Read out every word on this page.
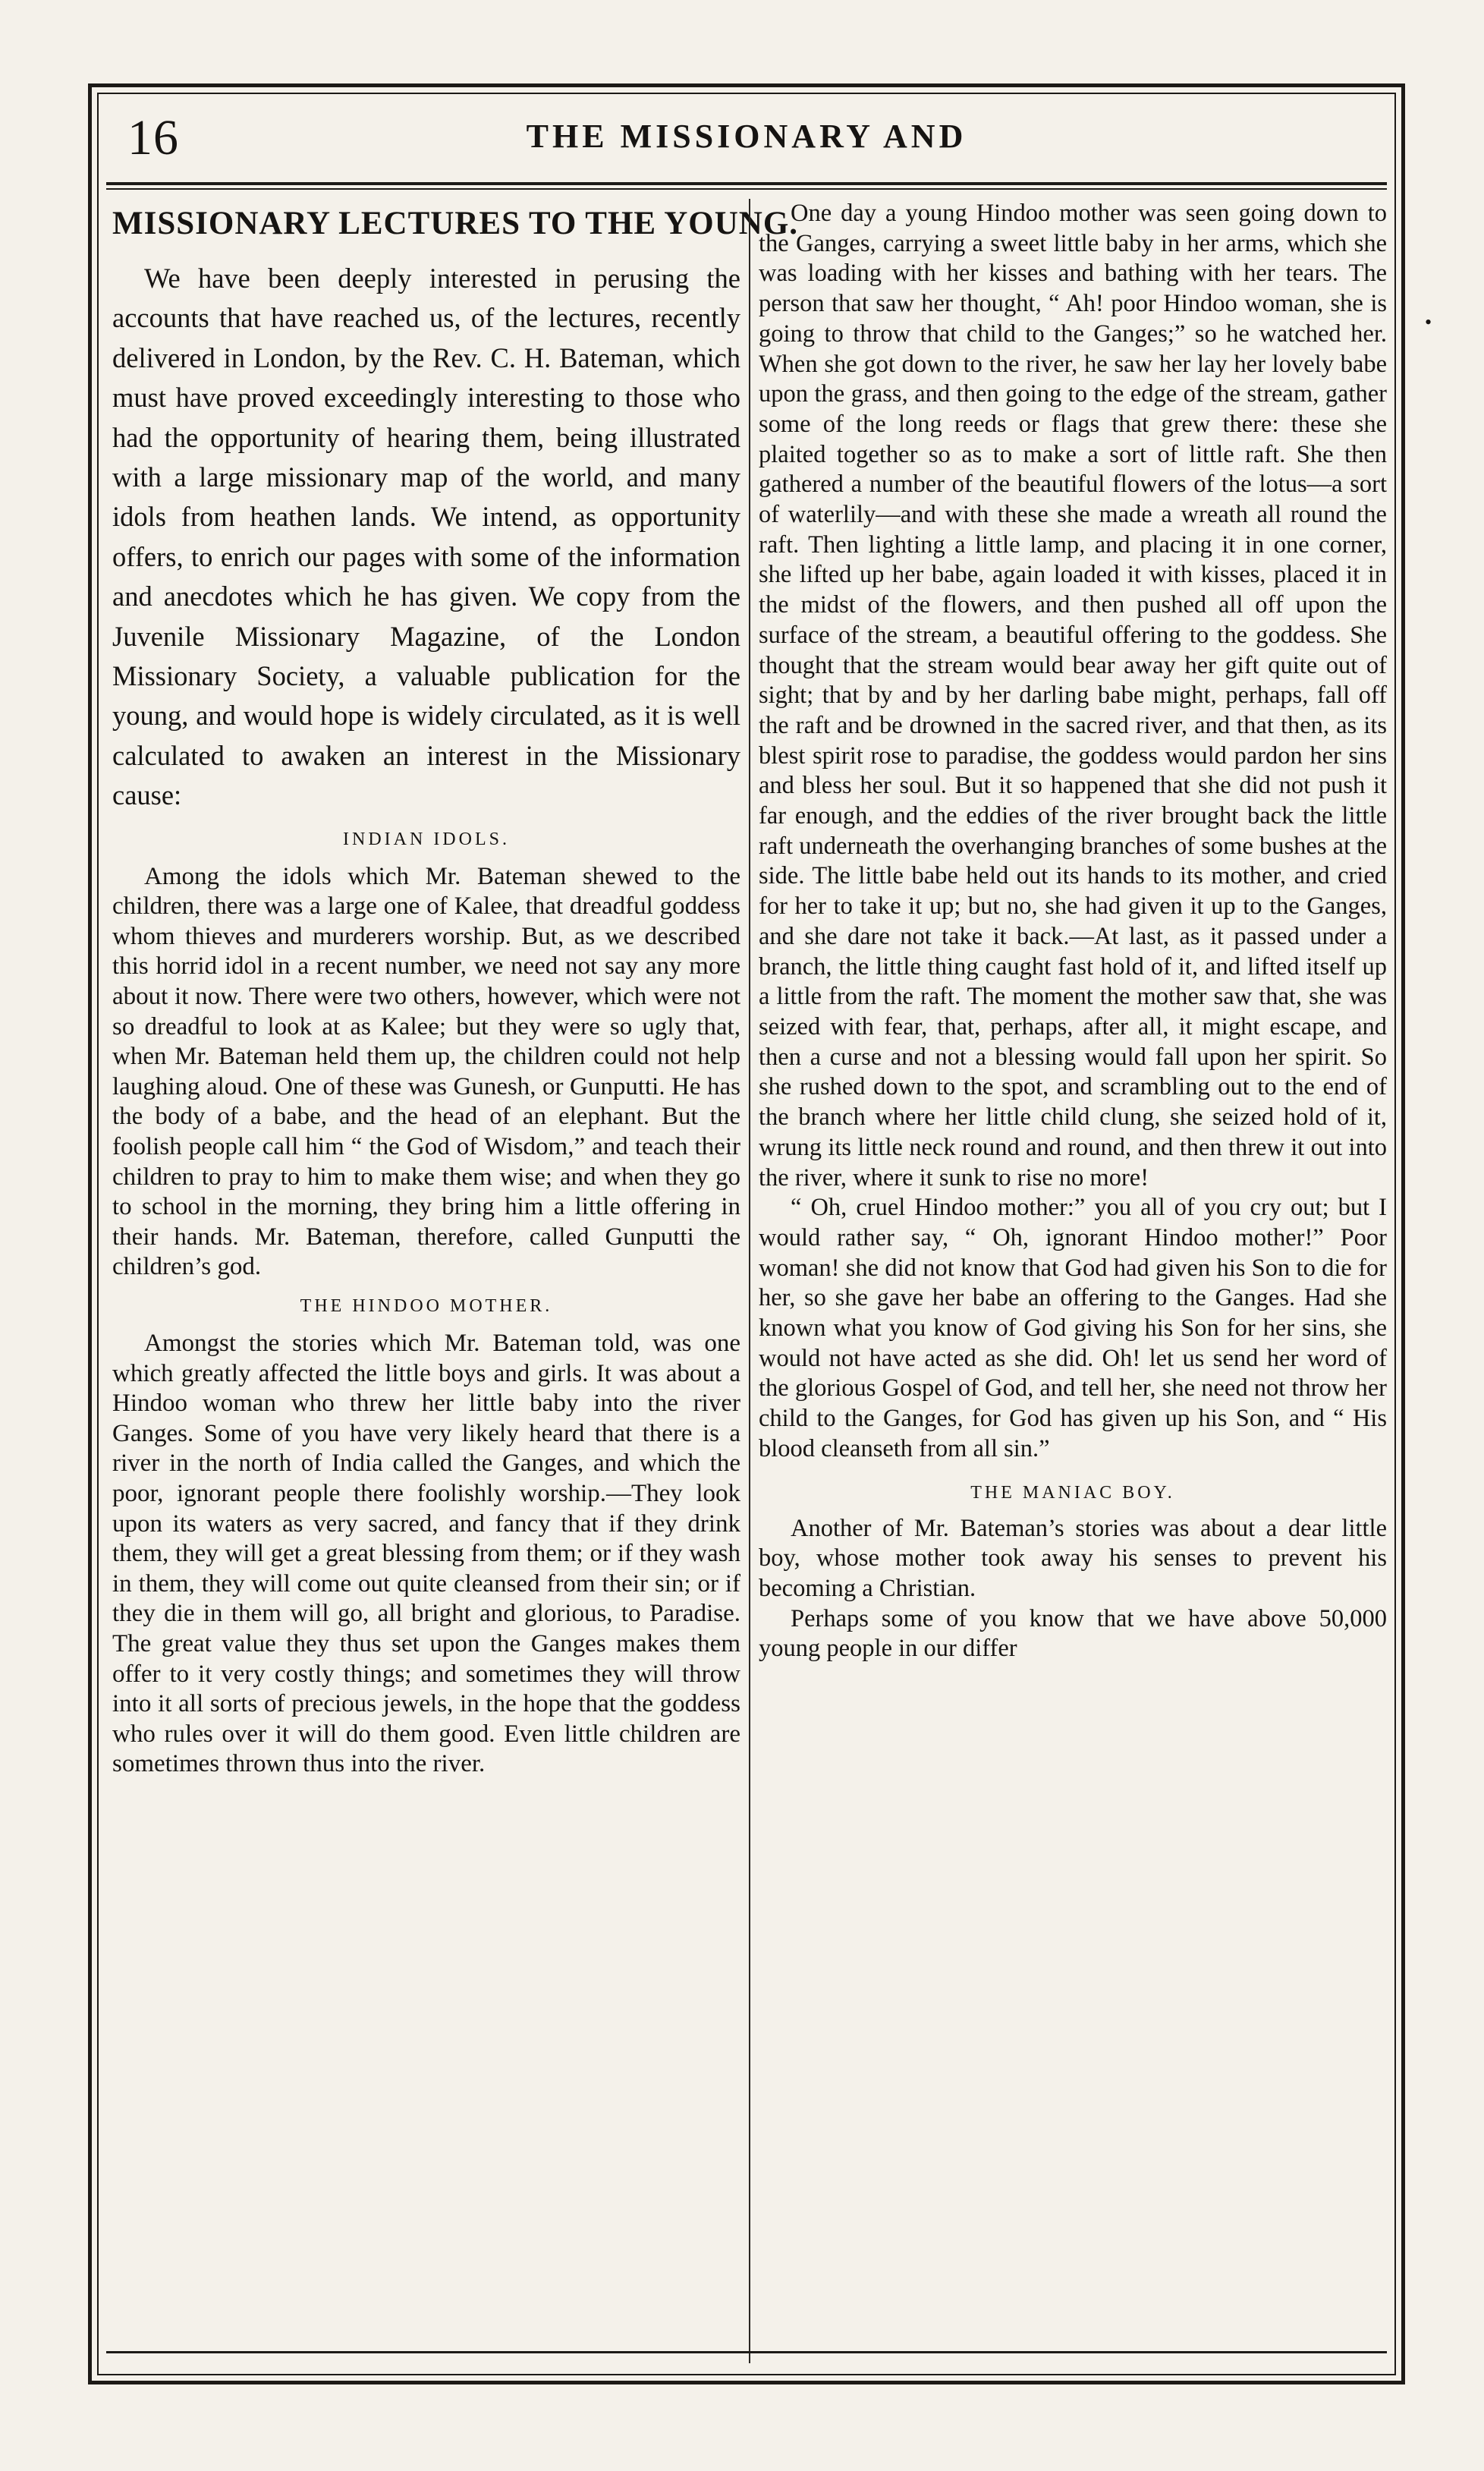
16	THE MISSIONARY AND
MISSIONARY LECTURES TO THE YOUNG.

We have been deeply interested in perusing the accounts that have reached us, of the lectures, recently delivered in London, by the Rev. C. H. Bateman, which must have proved exceedingly interesting to those who had the opportunity of hearing them, being illustrated with a large missionary map of the world, and many idols from heathen lands. We intend, as opportunity offers, to enrich our pages with some of the information and anecdotes which he has given. We copy from the Juvenile Missionary Magazine, of the London Missionary Society, a valuable publication for the young, and would hope is widely circulated, as it is well calculated to awaken an interest in the Missionary cause:

INDIAN IDOLS.

Among the idols which Mr. Bateman shewed to the children, there was a large one of Kalee, that dreadful goddess whom thieves and murderers worship. But, as we described this horrid idol in a recent number, we need not say any more about it now. There were two others, however, which were not so dreadful to look at as Kalee; but they were so ugly that, when Mr. Bateman held them up, the children could not help laughing aloud. One of these was Gunesh, or Gunputti. He has the body of a babe, and the head of an elephant. But the foolish people call him “ the God of Wisdom,” and teach their children to pray to him to make them wise; and when they go to school in the morning, they bring him a little offering in their hands. Mr. Bateman, therefore, called Gunputti the children’s god.

THE HINDOO MOTHER.

Amongst the stories which Mr. Bateman told, was one which greatly affected the little boys and girls. It was about a Hindoo woman who threw her little baby into the river Ganges. Some of you have very likely heard that there is a river in the north of India called the Ganges, and which the poor, ignorant people there foolishly worship.—They look upon its waters as very sacred, and fancy that if they drink them, they will get a great blessing from them; or if they wash in them, they will come out quite cleansed from their sin; or if they die in them will go, all bright and glorious, to Paradise. The great value they thus set upon the Ganges makes them offer to it very costly things; and sometimes they will throw into it all sorts of precious jewels, in the hope that the goddess who rules over it will do them good. Even little children are sometimes thrown thus into the river.

One day a young Hindoo mother was seen going down to the Ganges, carrying a sweet little baby in her arms, which she was loading with her kisses and bathing with her tears. The person that saw her thought, “ Ah! poor Hindoo woman, she is going to throw that child to the Ganges;” so he watched her. When she got down to the river, he saw her lay her lovely babe upon the grass, and then going to the edge of the stream, gather some of the long reeds or flags that grew there: these she plaited together so as to make a sort of little raft. She then gathered a number of the beautiful flowers of the lotus—a sort of waterlily—and with these she made a wreath all round the raft. Then lighting a little lamp, and placing it in one corner, she lifted up her babe, again loaded it with kisses, placed it in the midst of the flowers, and then pushed all off upon the surface of the stream, a beautiful offering to the goddess. She thought that the stream would bear away her gift quite out of sight; that by and by her darling babe might, perhaps, fall off the raft and be drowned in the sacred river, and that then, as its blest spirit rose to paradise, the goddess would pardon her sins and bless her soul. But it so happened that she did not push it far enough, and the eddies of the river brought back the little raft underneath the overhanging branches of some bushes at the side. The little babe held out its hands to its mother, and cried for her to take it up; but no, she had given it up to the Ganges, and she dare not take it back.—At last, as it passed under a branch, the little thing caught fast hold of it, and lifted itself up a little from the raft. The moment the mother saw that, she was seized with fear, that, perhaps, after all, it might escape, and then a curse and not a blessing would fall upon her spirit. So she rushed down to the spot, and scrambling out to the end of the branch where her little child clung, she seized hold of it, wrung its little neck round and round, and then threw it out into the river, where it sunk to rise no more!

“ Oh, cruel Hindoo mother:” you all of you cry out; but I would rather say, “ Oh, ignorant Hindoo mother!” Poor woman! she did not know that God had given his Son to die for her, so she gave her babe an offering to the Ganges. Had she known what you know of God giving his Son for her sins, she would not have acted as she did. Oh! let us send her word of the glorious Gospel of God, and tell her, she need not throw her child to the Ganges, for God has given up his Son, and “ His blood cleanseth from all sin.”

THE MANIAC BOY.

Another of Mr. Bateman’s stories was about a dear little boy, whose mother took away his senses to prevent his becoming a Christian.

Perhaps some of you know that we have above 50,000 young people in our differ

•
